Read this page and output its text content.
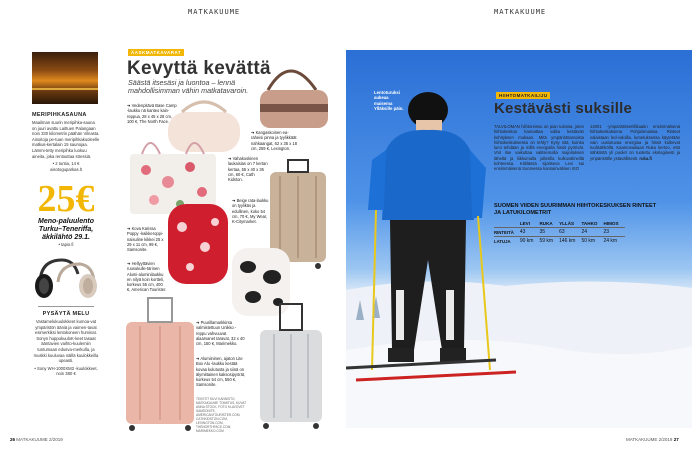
MATKAKUUME	MATKAKUUME
MERIPIHKASAUNA

Maailman suurin meripihka-sauna on juuri avattu Laittuen Palangaan noin 330 kilometrin päähän Vilnasta. Ainoitoja pe-tuan meripihkakuoleelle matkus-kertalain 15 saunojaa. Lämmi-tetty meripihka luokuu aineita, joka rentouttaa stressiä.

• 2 tuntia, 14 €

aisotoguparkas.lt

25€
Meno-paluulento Turku–Teneriffa, äkkilähtö 29.1.

• tapio.fi

PYSÄYTÄ MELU

Vastamelukuulokkeet kumoa-vat ympäristön ääniä ja vaimen-tavat esimerkiksi lentokoneen huminat. Sonyn huppukuuloK-keet tasaat ääntavien vaihto-kuulemiin tuntumaan edusva-merkulla, ja muskki kuuluvaa näillä kuulokkeilla upeasti.

• Sony WH-1000XM3 -kuulokkeet, noin 380 €

ÄASKMATKAVARAT
Kevyttä kevättä
Säästä itsesäsi ja luontoa – lennä mahdollisimman vähin matkatavaroin.
➔ Vedenpitävä Base Camp -laukku nä kanteo kain-reppua, 28 x 45 x 28 cm, 100 €, The North Face.
➔ Kangaskoinen ea-raheisi pinna ja tyylikkäät nahkaangat, 62 x 35 x 18 cm, 259 €, Lexington.
➔ Vahakoskinen laukaisias on 7 kertan kertaa, 55 x 40 x 36 cm, 60 €, Cath Kidston.
➔ Beige rata-laukku on tyylikäs ja edullinen, koko 54 cm, 70 €, My Wear, K-Citymarket.
➔ Kova Karissa Poppy -kaikkeroppi-naisuline kikkei 25 x 29 x 11 cm, 99 €, Samsonite.
➔ Hellyyttävien ruusukulle-tärinen Alumi-aluminilaukku en nilyä koin kortteli, korkeus 55 cm, 400 €, American Tourister.
➔ Puurillamarkkinta valmistettuun Unikko -reppu vahvuuvat alaarvanet taravat, 32 x 40 cm, 150 €, Marimekko.
➔ Alumiininen, ajaton Lite Box Alu -laukku kestää kovaa kulutusta ja siinä on älymittainen kaksosipyörät, korkeus 54 cm, 550 €, Samsonite.
TEKSTIT SUVI KANNISTO, MATKAKUUME TOIMITUS, KUVAT ANNA STOCK, FOTO KLAVOVET SAMSONITE, AMERICANTOURISTER.COM, CATHKIDSTON.COM, LEXINGTON.COM, THENORTHFACE.COM, MARIMEKKO.COM
Lentoturuksi aukeaa maisema Ylläksille päin.
HIIHTOMATKAILIJU
Kestävästi suksille
TALVILOMAN hiihtoreissu on pian tulossa, joten hiihtokeskus kannattaa valita kestävän kehityksen mukaan. Mitä ympäristöarvoista hiihtokeskuksessa on tehty? Kysy sitä, kuinka lumi tehdään ja millä energialla hissit pyörivät. Voit itse vaikuttaa valitsemalla majoituksen läheltä ja liikkumalla julkisilla kulkuvälineillä kohteessa. Kittilässä sijaitseva Levi sai ensimmäisenä Suomessa kansainvälisen ISO
14001 -ympäristösertifikaatin ensimmäisenä hiihtokeskuksena Pohjoismaissa. Rinteet valaistaan led-valoilla, lumetuksessa käytetään vain uusiutuvaa energiaa ja hissit kulkevat tuulisähköllä. Kaamosaikaan Ruka kertoo, että sähköstä yli puolet on tuotettu ekologisesti ja ympäristölle ystävällisesti. ruka.fi
SUOMEN VIIDEN SUURIMMAN HIIHTOKESKUKSEN RINTEET JA LATUKILOMETRIT
	LEVI	RUKA	YLLÄS	TAHKO	HIMOS
RINTEITÄ	43	35	63	24	23
LATUJA	90 km	59 km	146 km	50 km	24 km
26 MATKAKUUME 2/2019	MATKAKUUME 2/2019 27
